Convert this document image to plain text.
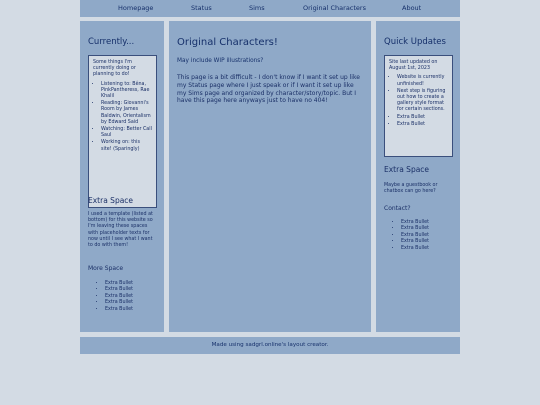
Homepage	Status	Sims	Original Characters	About
Currently...
Some things I'm currently doing or planning to do!
• Listening to: Bêna, PinkPantheress, Rae Khalil
• Reading: Giovanni's Room by James Baldwin, Orientalism by Edward Said
• Watching: Better Call Saul
• Working on: this site! (Sparingly)
Extra Space
I used a template (listed at bottom) for this website so I'm leaving these spaces with placeholder texts for now until I see what I want to do with them!
More Space
• Extra Bullet
• Extra Bullet
• Extra Bullet
• Extra Bullet
• Extra Bullet
Original Characters!
May include WIP illustrations?
This page is a bit difficult - I don't know if I want it set up like my Status page where I just speak or if I want it set up like my Sims page and organized by character/story/topic. But I have this page here anyways just to have no 404!
Quick Updates
Site last updated on August 1st, 2023
• Website is currently unfinished!
• Next step is figuring out how to create a gallery style format for certain sections.
• Extra Bullet
• Extra Bullet
Extra Space
Maybe a guestbook or chatbox can go here?
Contact?
• Extra Bullet
• Extra Bullet
• Extra Bullet
• Extra Bullet
• Extra Bullet
Made using sadgrl.online's layout creator.
